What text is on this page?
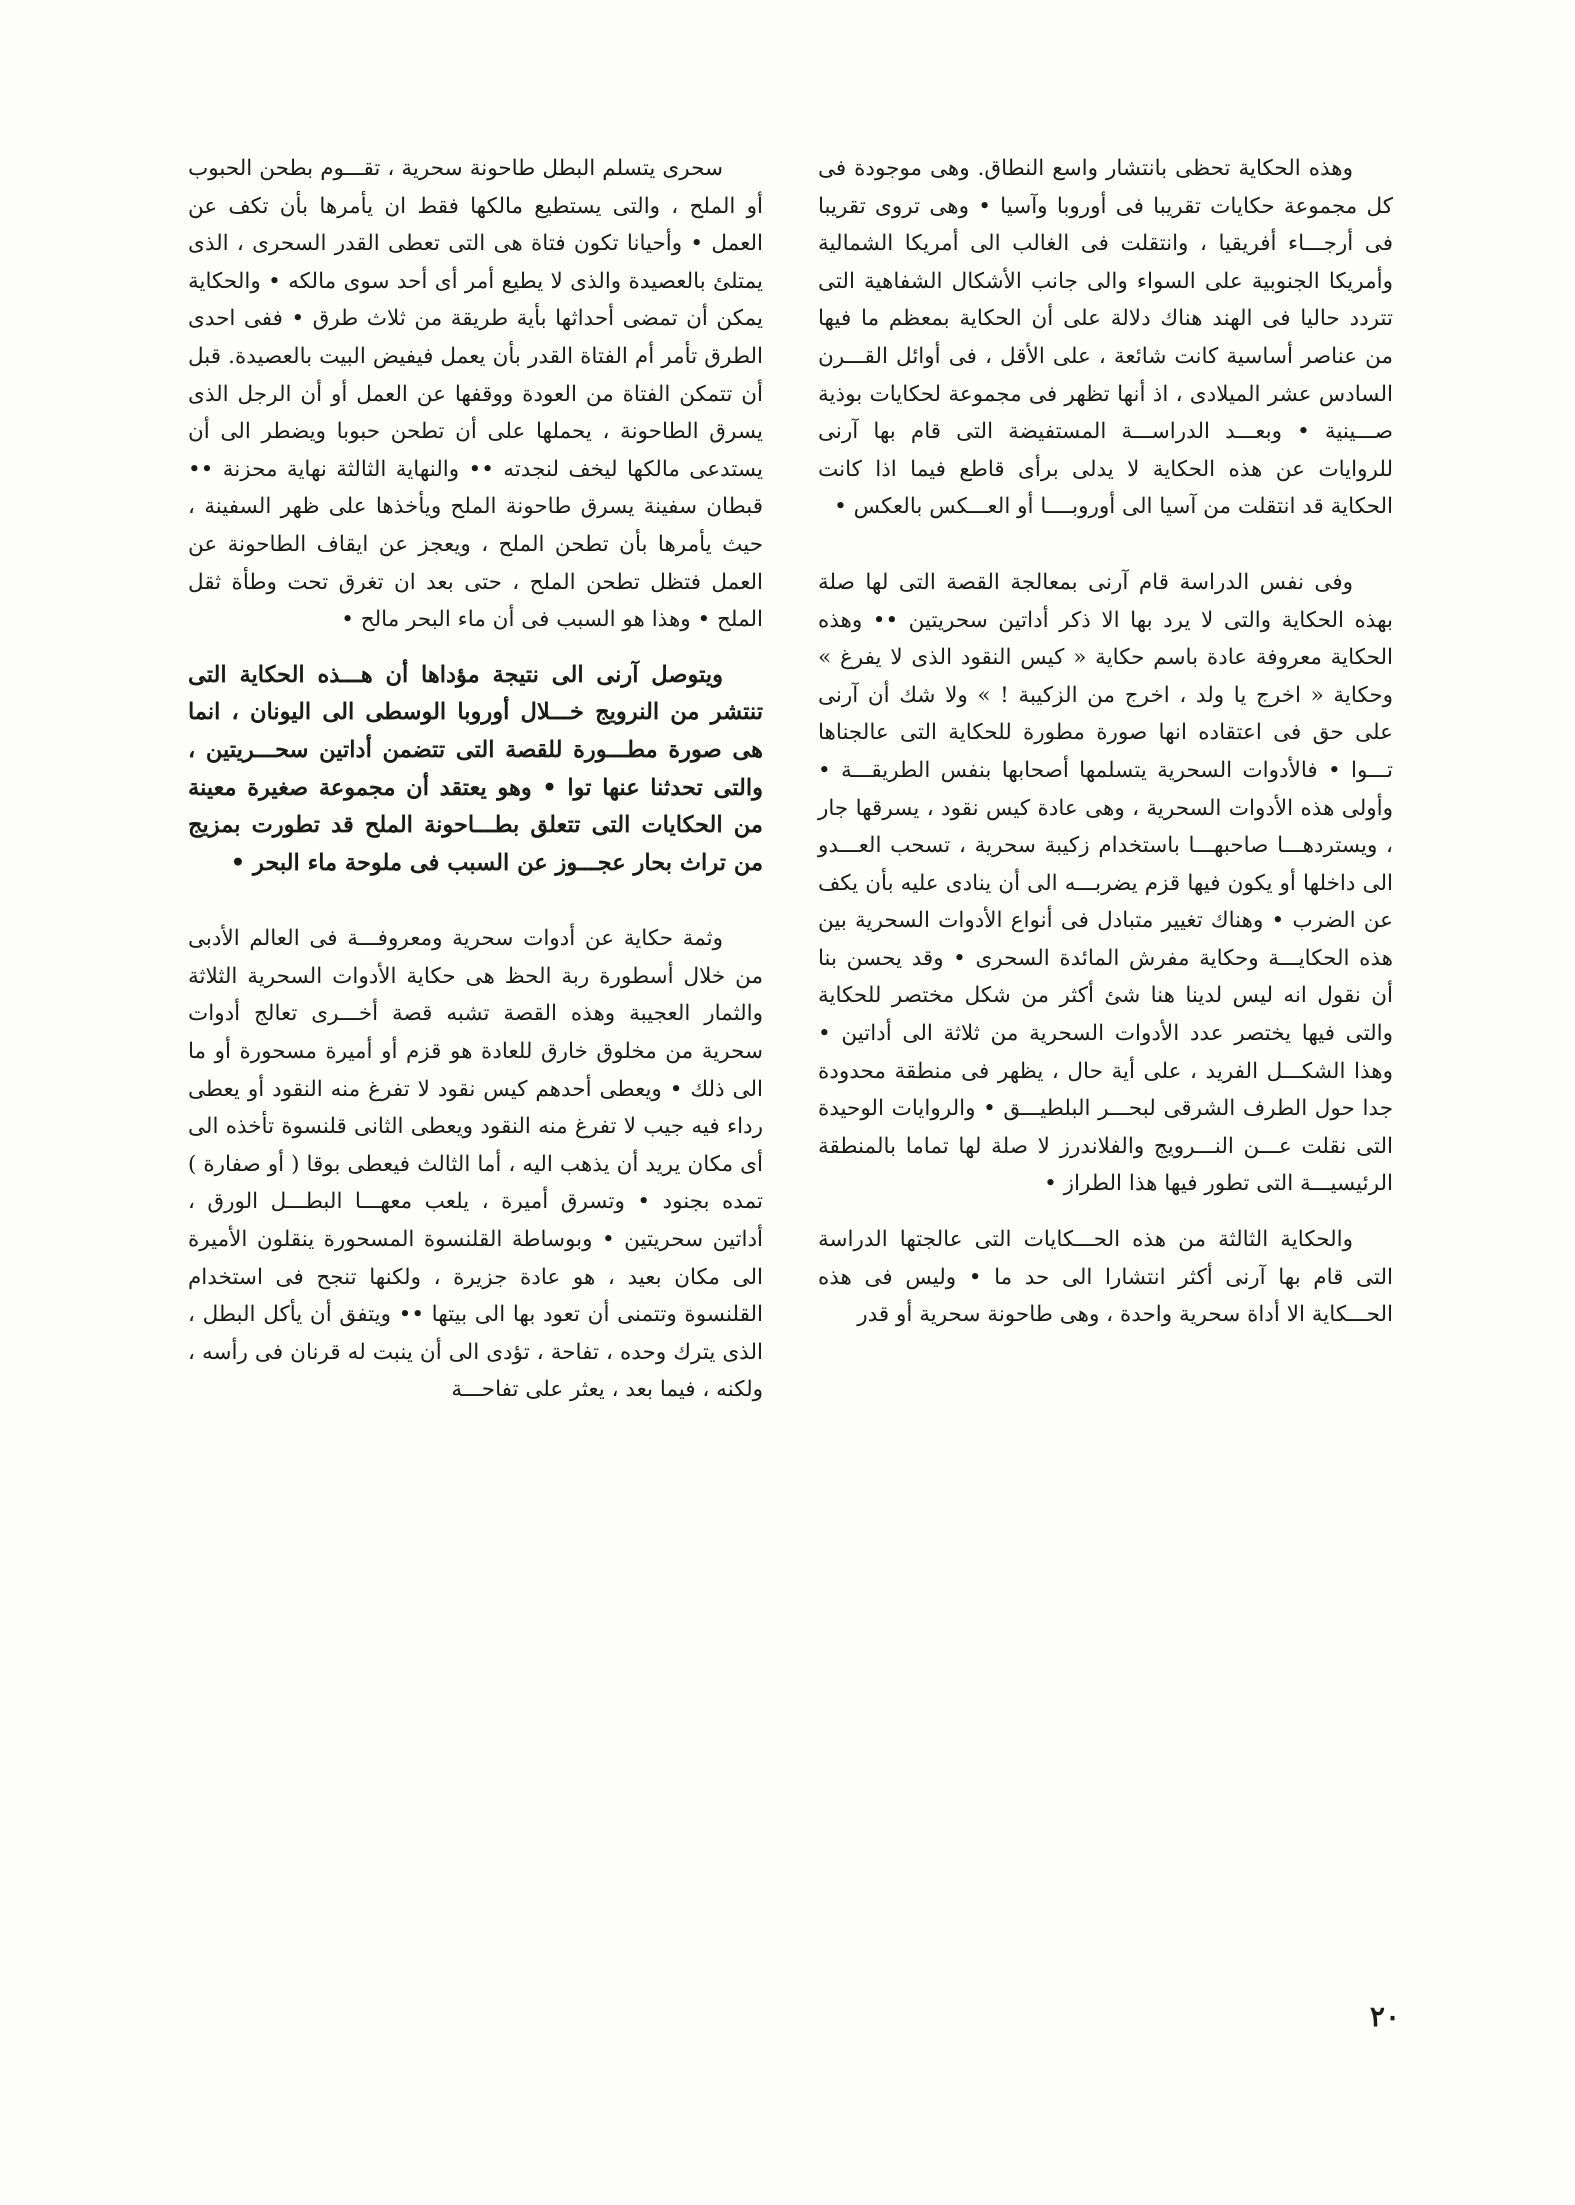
وهذه الحكاية تحظى بانتشار واسع النطاق. وهى موجودة فى كل مجموعة حكايات تقريبا فى أوروبا وآسيا • وهى تروى تقريبا فى أرجـــاء أفريقيا ، وانتقلت فى الغالب الى أمريكا الشمالية وأمريكا الجنوبية على السواء والى جانب الأشكال الشفاهية التى تتردد حاليا فى الهند هناك دلالة على أن الحكاية بمعظم ما فيها من عناصر أساسية كانت شائعة ، على الأقل ، فى أوائل القـــرن السادس عشر الميلادى ، اذ أنها تظهر فى مجموعة لحكايات بوذية صـــينية • وبعـــد الدراســـة المستفيضة التى قام بها آرنى للروايات عن هذه الحكاية لا يدلى برأى قاطع فيما اذا كانت الحكاية قد انتقلت من آسيا الى أوروبــــا أو العـــكس بالعكس •

وفى نفس الدراسة قام آرنى بمعالجة القصة التى لها صلة بهذه الحكاية والتى لا يرد بها الا ذكر أداتين سحريتين •• وهذه الحكاية معروفة عادة باسم حكاية « كيس النقود الذى لا يفرغ » وحكاية « اخرج يا ولد ، اخرج من الزكيبة ! » ولا شك أن آرنى على حق فى اعتقاده انها صورة مطورة للحكاية التى عالجناها تـــوا • فالأدوات السحرية يتسلمها أصحابها بنفس الطريقـــة • وأولى هذه الأدوات السحرية ، وهى عادة كيس نقود ، يسرقها جار ، ويستردهـــا صاحبهـــا باستخدام زكيبة سحرية ، تسحب العـــدو الى داخلها أو يكون فيها قزم يضربـــه الى أن ينادى عليه بأن يكف عن الضرب • وهناك تغيير متبادل فى أنواع الأدوات السحرية بين هذه الحكايـــة وحكاية مفرش المائدة السحرى • وقد يحسن بنا أن نقول انه ليس لدينا هنا شئ أكثر من شكل مختصر للحكاية والتى فيها يختصر عدد الأدوات السحرية من ثلاثة الى أداتين • وهذا الشكـــل الفريد ، على أية حال ، يظهر فى منطقة محدودة جدا حول الطرف الشرقى لبحـــر البلطيـــق • والروايات الوحيدة التى نقلت عـــن النـــرويج والفلاندرز لا صلة لها تماما بالمنطقة الرئيسيـــة التى تطور فيها هذا الطراز •

والحكاية الثالثة من هذه الحـــكايات التى عالجتها الدراسة التى قام بها آرنى أكثر انتشارا الى حد ما • وليس فى هذه الحـــكاية الا أداة سحرية واحدة ، وهى طاحونة سحرية أو قدر

سحرى يتسلم البطل طاحونة سحرية ، تقـــوم بطحن الحبوب أو الملح ، والتى يستطيع مالكها فقط ان يأمرها بأن تكف عن العمل • وأحيانا تكون فتاة هى التى تعطى القدر السحرى ، الذى يمتلئ بالعصيدة والذى لا يطيع أمر أى أحد سوى مالكه • والحكاية يمكن أن تمضى أحداثها بأية طريقة من ثلاث طرق • ففى احدى الطرق تأمر أم الفتاة القدر بأن يعمل فيفيض البيت بالعصيدة. قبل أن تتمكن الفتاة من العودة ووقفها عن العمل أو أن الرجل الذى يسرق الطاحونة ، يحملها على أن تطحن حبوبا ويضطر الى أن يستدعى مالكها ليخف لنجدته •• والنهاية الثالثة نهاية محزنة •• قبطان سفينة يسرق طاحونة الملح ويأخذها على ظهر السفينة ، حيث يأمرها بأن تطحن الملح ، ويعجز عن ايقاف الطاحونة عن العمل فتظل تطحن الملح ، حتى بعد ان تغرق تحت وطأة ثقل الملح • وهذا هو السبب فى أن ماء البحر مالح •

ويتوصل آرنى الى نتيجة مؤداها أن هـــذه الحكاية التى تنتشر من النرويج خـــلال أوروبا الوسطى الى اليونان ، انما هى صورة مطـــورة للقصة التى تتضمن أداتين سحـــريتين ، والتى تحدثنا عنها توا • وهو يعتقد أن مجموعة صغيرة معينة من الحكايات التى تتعلق بطـــاحونة الملح قد تطورت بمزيج من تراث بحار عجـــوز عن السبب فى ملوحة ماء البحر •

وثمة حكاية عن أدوات سحرية ومعروفـــة فى العالم الأدبى من خلال أسطورة ربة الحظ هى حكاية الأدوات السحرية الثلاثة والثمار العجيبة وهذه القصة تشبه قصة أخـــرى تعالج أدوات سحرية من مخلوق خارق للعادة هو قزم أو أميرة مسحورة أو ما الى ذلك • ويعطى أحدهم كيس نقود لا تفرغ منه النقود أو يعطى رداء فيه جيب لا تفرغ منه النقود ويعطى الثانى قلنسوة تأخذه الى أى مكان يريد أن يذهب اليه ، أما الثالث فيعطى بوقا ( أو صفارة ) تمده بجنود • وتسرق أميرة ، يلعب معهـــا البطـــل الورق ، أداتين سحريتين • وبوساطة القلنسوة المسحورة ينقلون الأميرة الى مكان بعيد ، هو عادة جزيرة ، ولكنها تنجح فى استخدام القلنسوة وتتمنى أن تعود بها الى بيتها •• ويتفق أن يأكل البطل ، الذى يترك وحده ، تفاحة ، تؤدى الى أن ينبت له قرنان فى رأسه ، ولكنه ، فيما بعد ، يعثر على تفاحـــة

٢٠
